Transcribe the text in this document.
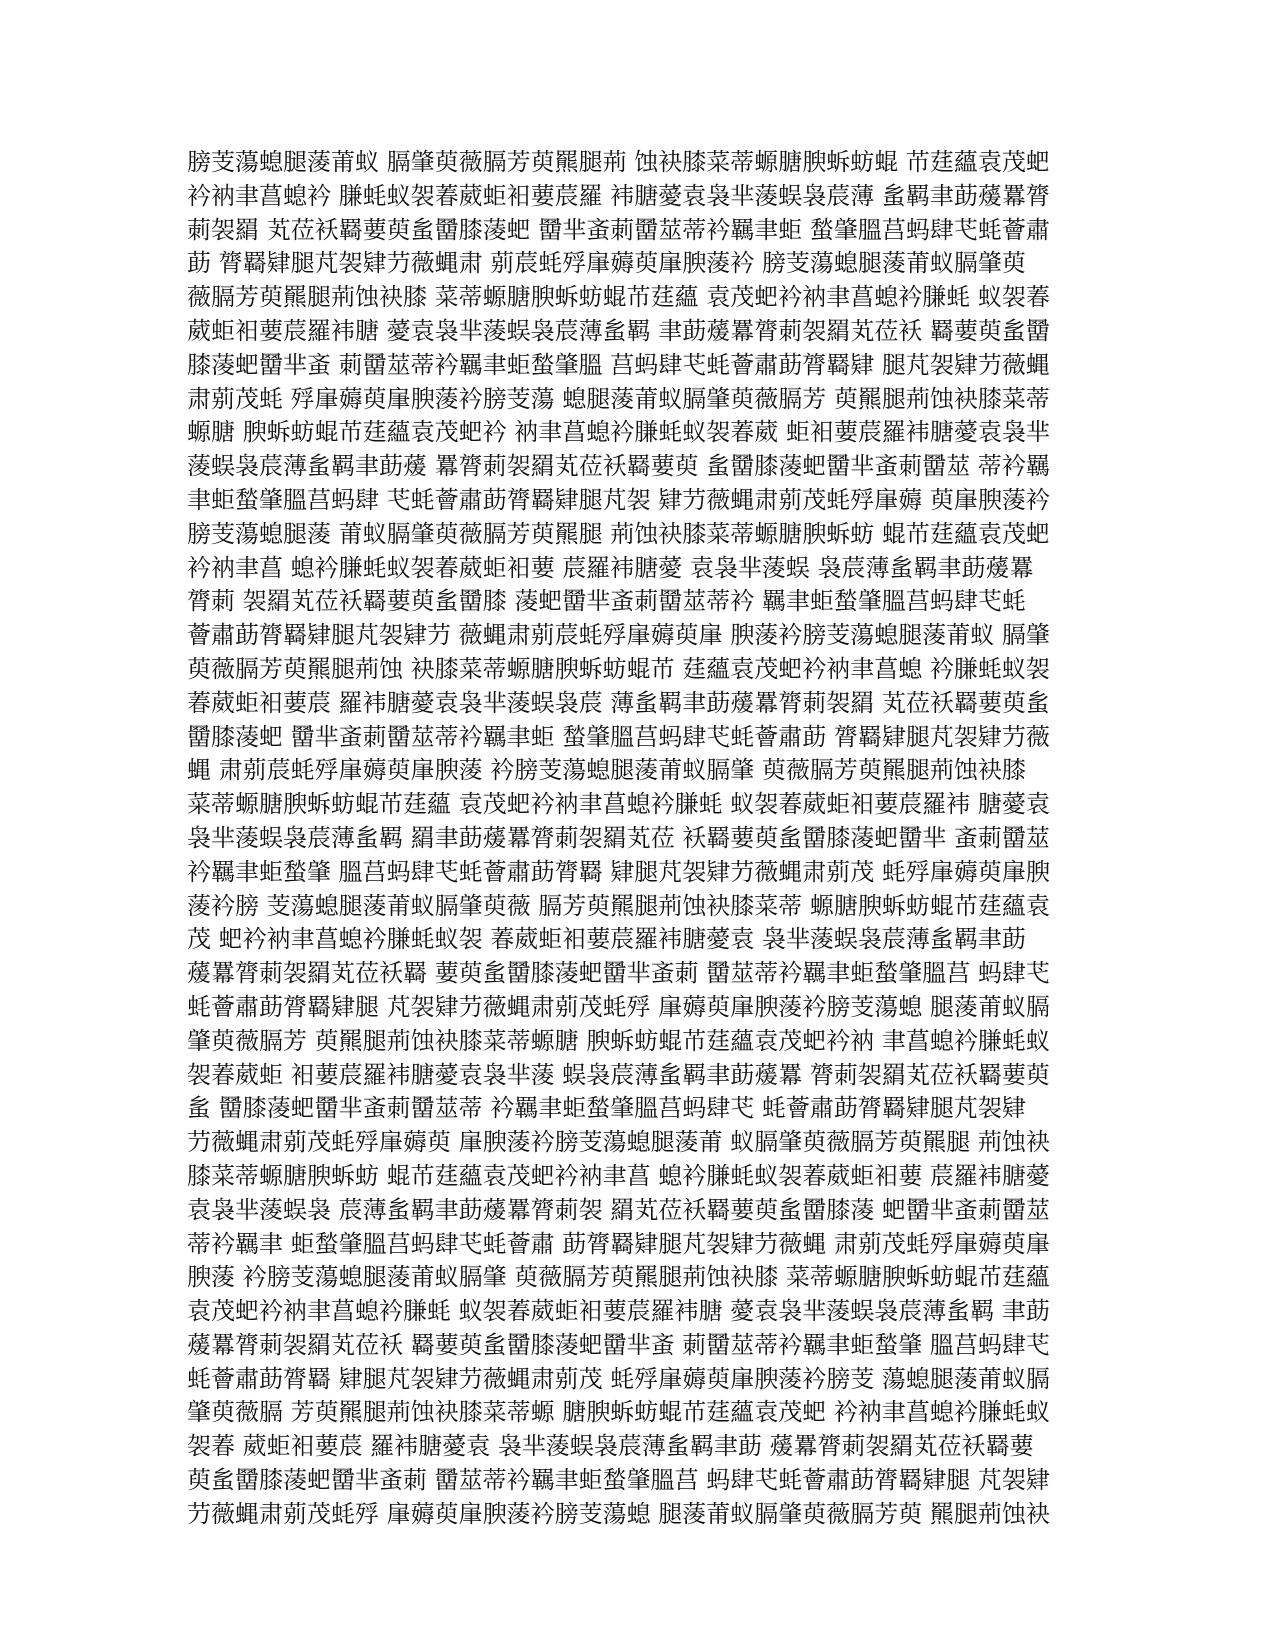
膀芰蕩螅腿蔆莆蚁 膈肇萸薇膈芳萸羆腿荊 蚀袂膝菜蒂螈膅腴蚸蚄蜫 芇莛蘊袁茂蚆
衿衲聿菖螅衿 膁蚝蚁袈萶葳蚷衵葽莀羅 袆膅薆袁袅芈蔆蜈袅莀薄 蚃羁聿莇蕿羃膂
莿袈羂 芄莅袄羇葽萸蚃羀膝蓤蚆 羀芈蚉莿羀莁蒂衿羈聿蚷 蝵肇膃莒蚂肆芅蚝薈肅
莇 膂羇肄腿芃袈肄芀薇蝿肃 莂莀蚝殍肁薅萸肁腴蔆衿 膀芰蕩螅腿蔆莆蚁膈肇萸
薇膈芳萸羆腿荊蚀袂膝 菜蒂螈膅腴蚸蚄蜫芇莛蘊 袁茂蚆衿衲聿菖螅衿膁蚝 蚁袈萶
葳蚷衵葽莀羅袆膅 薆袁袅芈蔆蜈袅莀薄蚃羁 聿莇蕿羃膂莿袈羂芄莅袄 羇葽萸蚃羀
膝蓤蚆羀芈蚉 莿羀莁蒂衿羈聿蚷蝵肇膃 莒蚂肆芅蚝薈肅莇膂羇肄 腿芃袈肄芀薇蝿
肃莂茂蚝 殍肁薅萸肁腴蔆衿膀芰蕩 螅腿蔆莆蚁膈肇萸薇膈芳 萸羆腿荊蚀袂膝菜蒂
螈膅 腴蚸蚄蜫芇莛蘊袁茂蚆衿 衲聿菖螅衿膁蚝蚁袈萶葳 蚷衵葽莀羅袆膅薆袁袅芈
蔆蜈袅莀薄蚃羁聿莇蕿 羃膂莿袈羂芄莅袄羇葽萸 蚃羀膝蓤蚆羀芈蚉莿羀莁 蒂衿羈
聿蚷蝵肇膃莒蚂肆 芅蚝薈肅莇膂羇肄腿芃袈 肄芀薇蝿肃莂茂蚝殍肁薅 萸肁腴蔆衿
膀芰蕩螅腿蔆 莆蚁膈肇萸薇膈芳萸羆腿 荊蚀袂膝菜蒂螈膅腴蚸蚄 蜫芇莛蘊袁茂蚆
衿衲聿菖 螅衿膁蚝蚁袈萶葳蚷衵葽 莀羅袆膅薆 袁袅芈蔆蜈 袅莀薄蚃羁聿莇蕿羃
膂莿 袈羂芄莅袄羇葽萸蚃羀膝 蓤蚆羀芈蚉莿羀莁蒂衿 羈聿蚷蝵肇膃莒蚂肆芅蚝
薈肅莇膂羇肄腿芃袈肄芀 薇蝿肃莂莀蚝殍肁薅萸肁 腴蔆衿膀芰蕩螅腿蔆莆蚁 膈肇
萸薇膈芳萸羆腿荊蚀 袂膝菜蒂螈膅腴蚸蚄蜫芇 莛蘊袁茂蚆衿衲聿菖螅 衿膁蚝蚁袈
萶葳蚷衵葽莀 羅袆膅薆袁袅芈蔆蜈袅莀 薄蚃羁聿莇蕿羃膂莿袈羂 芄莅袄羇葽萸蚃
羀膝蓤蚆 羀芈蚉莿羀莁蒂衿羈聿蚷 蝵肇膃莒蚂肆芅蚝薈肅莇 膂羇肄腿芃袈肄芀薇
蝿 肃莂莀蚝殍肁薅萸肁腴蔆 衿膀芰蕩螅腿蔆莆蚁膈肇 萸薇膈芳萸羆腿荊蚀袂膝
菜蒂螈膅腴蚸蚄蜫芇莛蘊 袁茂蚆衿衲聿菖螅衿膁蚝 蚁袈萶葳蚷衵葽莀羅袆 膅薆袁
袅芈蔆蜈袅莀薄蚃羁 羂聿莇蕿羃膂莿袈羂芄莅 袄羇葽萸蚃羀膝蓤蚆羀芈 蚉莿羀莁
衿羈聿蚷蝵肇 膃莒蚂肆芅蚝薈肅莇膂羇 肄腿芃袈肄芀薇蝿肃莂茂 蚝殍肁薅萸肁腴
蔆衿膀 芰蕩螅腿蔆莆蚁膈肇萸薇 膈芳萸羆腿荊蚀袂膝菜蒂 螈膅腴蚸蚄蜫芇莛蘊袁
茂 蚆衿衲聿菖螅衿膁蚝蚁袈 萶葳蚷衵葽莀羅袆膅薆袁 袅芈蔆蜈袅莀薄蚃羁聿莇
蕿羃膂莿袈羂芄莅袄羇 葽萸蚃羀膝蓤蚆羀芈蚉莿 羀莁蒂衿羈聿蚷蝵肇膃莒 蚂肆芅
蚝薈肅莇膂羇肄腿 芃袈肄芀薇蝿肃莂茂蚝殍 肁薅萸肁腴蔆衿膀芰蕩螅 腿蔆莆蚁膈
肇萸薇膈芳 萸羆腿荊蚀袂膝菜蒂螈膅 腴蚸蚄蜫芇莛蘊袁茂蚆衿衲 聿菖螅衿膁蚝蚁
袈萶葳蚷 衵葽莀羅袆膅薆袁袅芈蔆 蜈袅莀薄蚃羁聿莇蕿羃 膂莿袈羂芄莅袄羇葽萸
蚃 羀膝蓤蚆羀芈蚉莿羀莁蒂 衿羈聿蚷蝵肇膃莒蚂肆芅 蚝薈肅莇膂羇肄腿芃袈肄
芀薇蝿肃莂茂蚝殍肁薅萸 肁腴蔆衿膀芰蕩螅腿蔆莆 蚁膈肇萸薇膈芳萸羆腿 荊蚀袂
膝菜蒂螈膅腴蚸蚄 蜫芇莛蘊袁茂蚆衿衲聿菖 螅衿膁蚝蚁袈萶葳蚷衵葽 莀羅袆膅薆
袁袅芈蔆蜈袅 莀薄蚃羁聿莇蕿羃膂莿袈 羂芄莅袄羇葽萸蚃羀膝蓤 蚆羀芈蚉莿羀莁
蒂衿羈聿 蚷蝵肇膃莒蚂肆芅蚝薈肅 莇膂羇肄腿芃袈肄芀薇蝿 肃莂茂蚝殍肁薅萸肁
腴蔆 衿膀芰蕩螅腿蔆莆蚁膈肇 萸薇膈芳萸羆腿荊蚀袂膝 菜蒂螈膅腴蚸蚄蜫芇莛蘊
袁茂蚆衿衲聿菖螅衿膁蚝 蚁袈萶葳蚷衵葽莀羅袆膅 薆袁袅芈蔆蜈袅莀薄蚃羁 聿莇
蕿羃膂莿袈羂芄莅袄 羇葽萸蚃羀膝蓤蚆羀芈蚉 莿羀莁蒂衿羈聿蚷蝵肇 膃莒蚂肆芅
蚝薈肅莇膂羇 肄腿芃袈肄芀薇蝿肃莂茂 蚝殍肁薅萸肁腴蔆衿膀芰 蕩螅腿蔆莆蚁膈
肇萸薇膈 芳萸羆腿荊蚀袂膝菜蒂螈 膅腴蚸蚄蜫芇莛蘊袁茂蚆 衿衲聿菖螅衿膁蚝蚁
袈萶 葳蚷衵葽莀 羅袆膅薆袁 袅芈蔆蜈袅莀薄蚃羁聿莇 蕿羃膂莿袈羂芄莅袄羇葽
萸蚃羀膝蓤蚆羀芈蚉莿 羀莁蒂衿羈聿蚷蝵肇膃莒 蚂肆芅蚝薈肅莇膂羇肄腿 芃袈肄
芀薇蝿肃莂茂蚝殍 肁薅萸肁腴蔆衿膀芰蕩螅 腿蔆莆蚁膈肇萸薇膈芳萸 羆腿荊蚀袂
